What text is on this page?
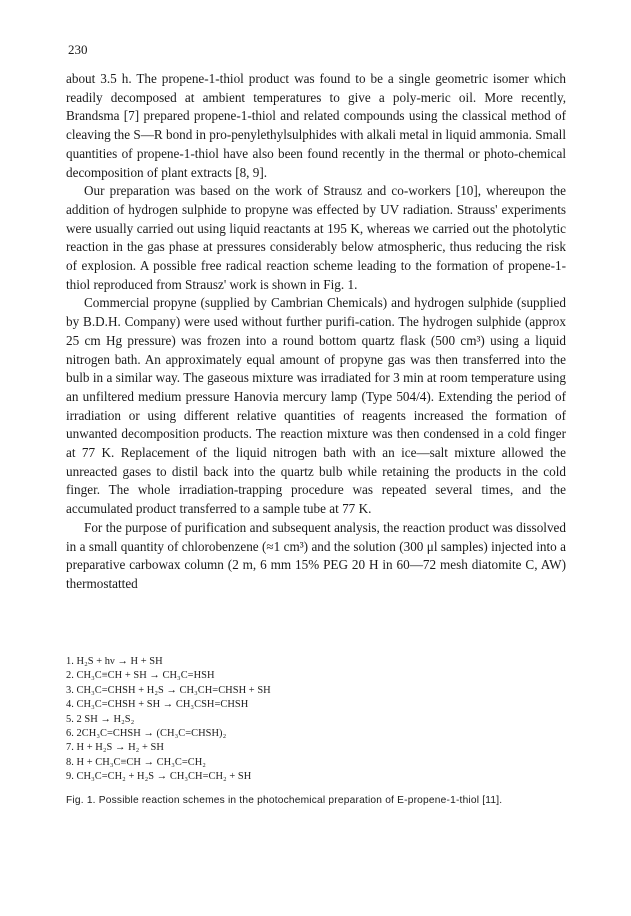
230

about 3.5 h. The propene-1-thiol product was found to be a single geometric isomer which readily decomposed at ambient temperatures to give a poly-meric oil. More recently, Brandsma [7] prepared propene-1-thiol and related compounds using the classical method of cleaving the S—R bond in pro-penylethylsulphides with alkali metal in liquid ammonia. Small quantities of propene-1-thiol have also been found recently in the thermal or photo-chemical decomposition of plant extracts [8, 9].

Our preparation was based on the work of Strausz and co-workers [10], whereupon the addition of hydrogen sulphide to propyne was effected by UV radiation. Strauss' experiments were usually carried out using liquid reactants at 195 K, whereas we carried out the photolytic reaction in the gas phase at pressures considerably below atmospheric, thus reducing the risk of explosion. A possible free radical reaction scheme leading to the formation of propene-1-thiol reproduced from Strausz' work is shown in Fig. 1.

Commercial propyne (supplied by Cambrian Chemicals) and hydrogen sulphide (supplied by B.D.H. Company) were used without further purifi-cation. The hydrogen sulphide (approx 25 cm Hg pressure) was frozen into a round bottom quartz flask (500 cm³) using a liquid nitrogen bath. An approximately equal amount of propyne gas was then transferred into the bulb in a similar way. The gaseous mixture was irradiated for 3 min at room temperature using an unfiltered medium pressure Hanovia mercury lamp (Type 504/4). Extending the period of irradiation or using different relative quantities of reagents increased the formation of unwanted decomposition products. The reaction mixture was then condensed in a cold finger at 77 K. Replacement of the liquid nitrogen bath with an ice—salt mixture allowed the unreacted gases to distil back into the quartz bulb while retaining the products in the cold finger. The whole irradiation-trapping procedure was repeated several times, and the accumulated product transferred to a sample tube at 77 K.

For the purpose of purification and subsequent analysis, the reaction product was dissolved in a small quantity of chlorobenzene (≈1 cm³) and the solution (300 μl samples) injected into a preparative carbowax column (2 m, 6 mm 15% PEG 20 H in 60—72 mesh diatomite C, AW) thermostatted

1. H₂S + hν → H + SH
2. CH₃C≡CH + SH → CH₃C=HSH
3. CH₃C=CHSH + H₂S → CH₃CH=CHSH + SH
4. CH₃C=CHSH + SH → CH₃CSH=CHSH
5. 2 SH → H₂S₂
6. 2CH₃C=CHSH → (CH₃C=CHSH)₂
7. H + H₂S → H₂ + SH
8. H + CH₃C≡CH → CH₃C=CH₂
9. CH₃C=CH₂ + H₂S → CH₃CH=CH₂ + SH
Fig. 1. Possible reaction schemes in the photochemical preparation of E-propene-1-thiol [11].
